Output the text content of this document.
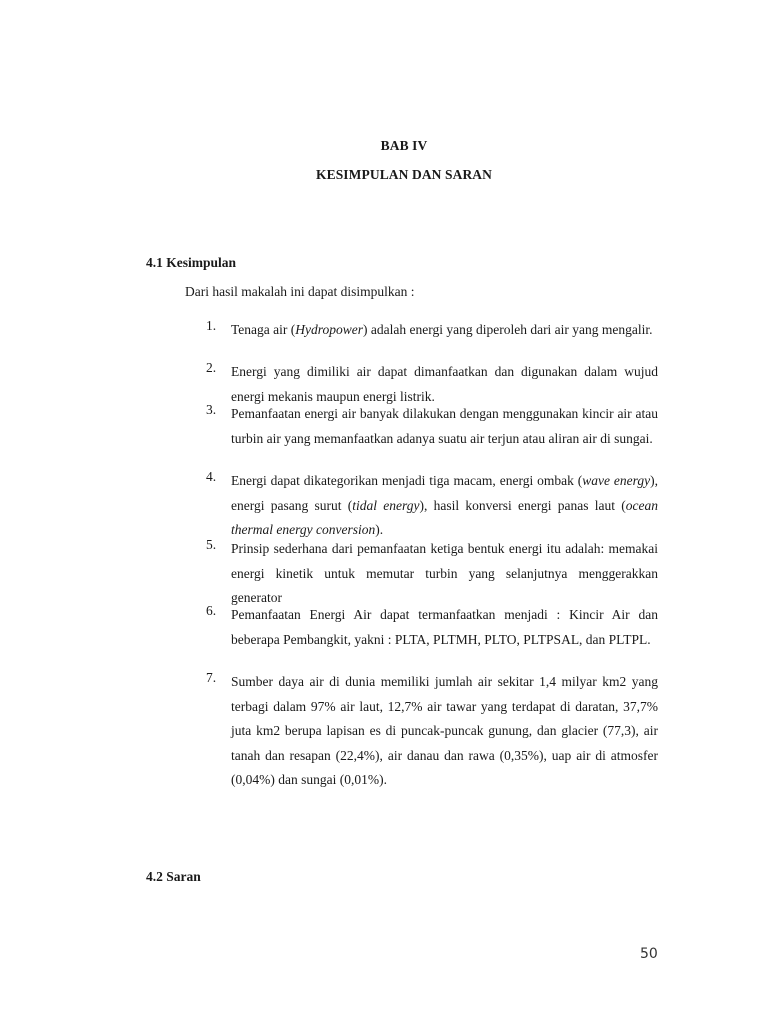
BAB IV
KESIMPULAN DAN SARAN
4.1 Kesimpulan
Dari hasil makalah ini dapat disimpulkan :
1. Tenaga air (Hydropower) adalah energi yang diperoleh dari air yang mengalir.
2. Energi yang dimiliki air dapat dimanfaatkan dan digunakan dalam wujud energi mekanis maupun energi listrik.
3. Pemanfaatan energi air banyak dilakukan dengan menggunakan kincir air atau turbin air yang memanfaatkan adanya suatu air terjun atau aliran air di sungai.
4. Energi dapat dikategorikan menjadi tiga macam, energi ombak (wave energy), energi pasang surut (tidal energy), hasil konversi energi panas laut (ocean thermal energy conversion).
5. Prinsip sederhana dari pemanfaatan ketiga bentuk energi itu adalah: memakai energi kinetik untuk memutar turbin yang selanjutnya menggerakkan generator
6. Pemanfaatan Energi Air dapat termanfaatkan menjadi : Kincir Air dan beberapa Pembangkit, yakni : PLTA, PLTMH, PLTO, PLTPSAL, dan PLTPL.
7. Sumber daya air di dunia memiliki jumlah air sekitar 1,4 milyar km2 yang terbagi dalam 97% air laut, 12,7% air tawar yang terdapat di daratan, 37,7% juta km2 berupa lapisan es di puncak-puncak gunung, dan glacier (77,3), air tanah dan resapan (22,4%), air danau dan rawa (0,35%), uap air di atmosfer (0,04%) dan sungai (0,01%).
4.2 Saran
50
